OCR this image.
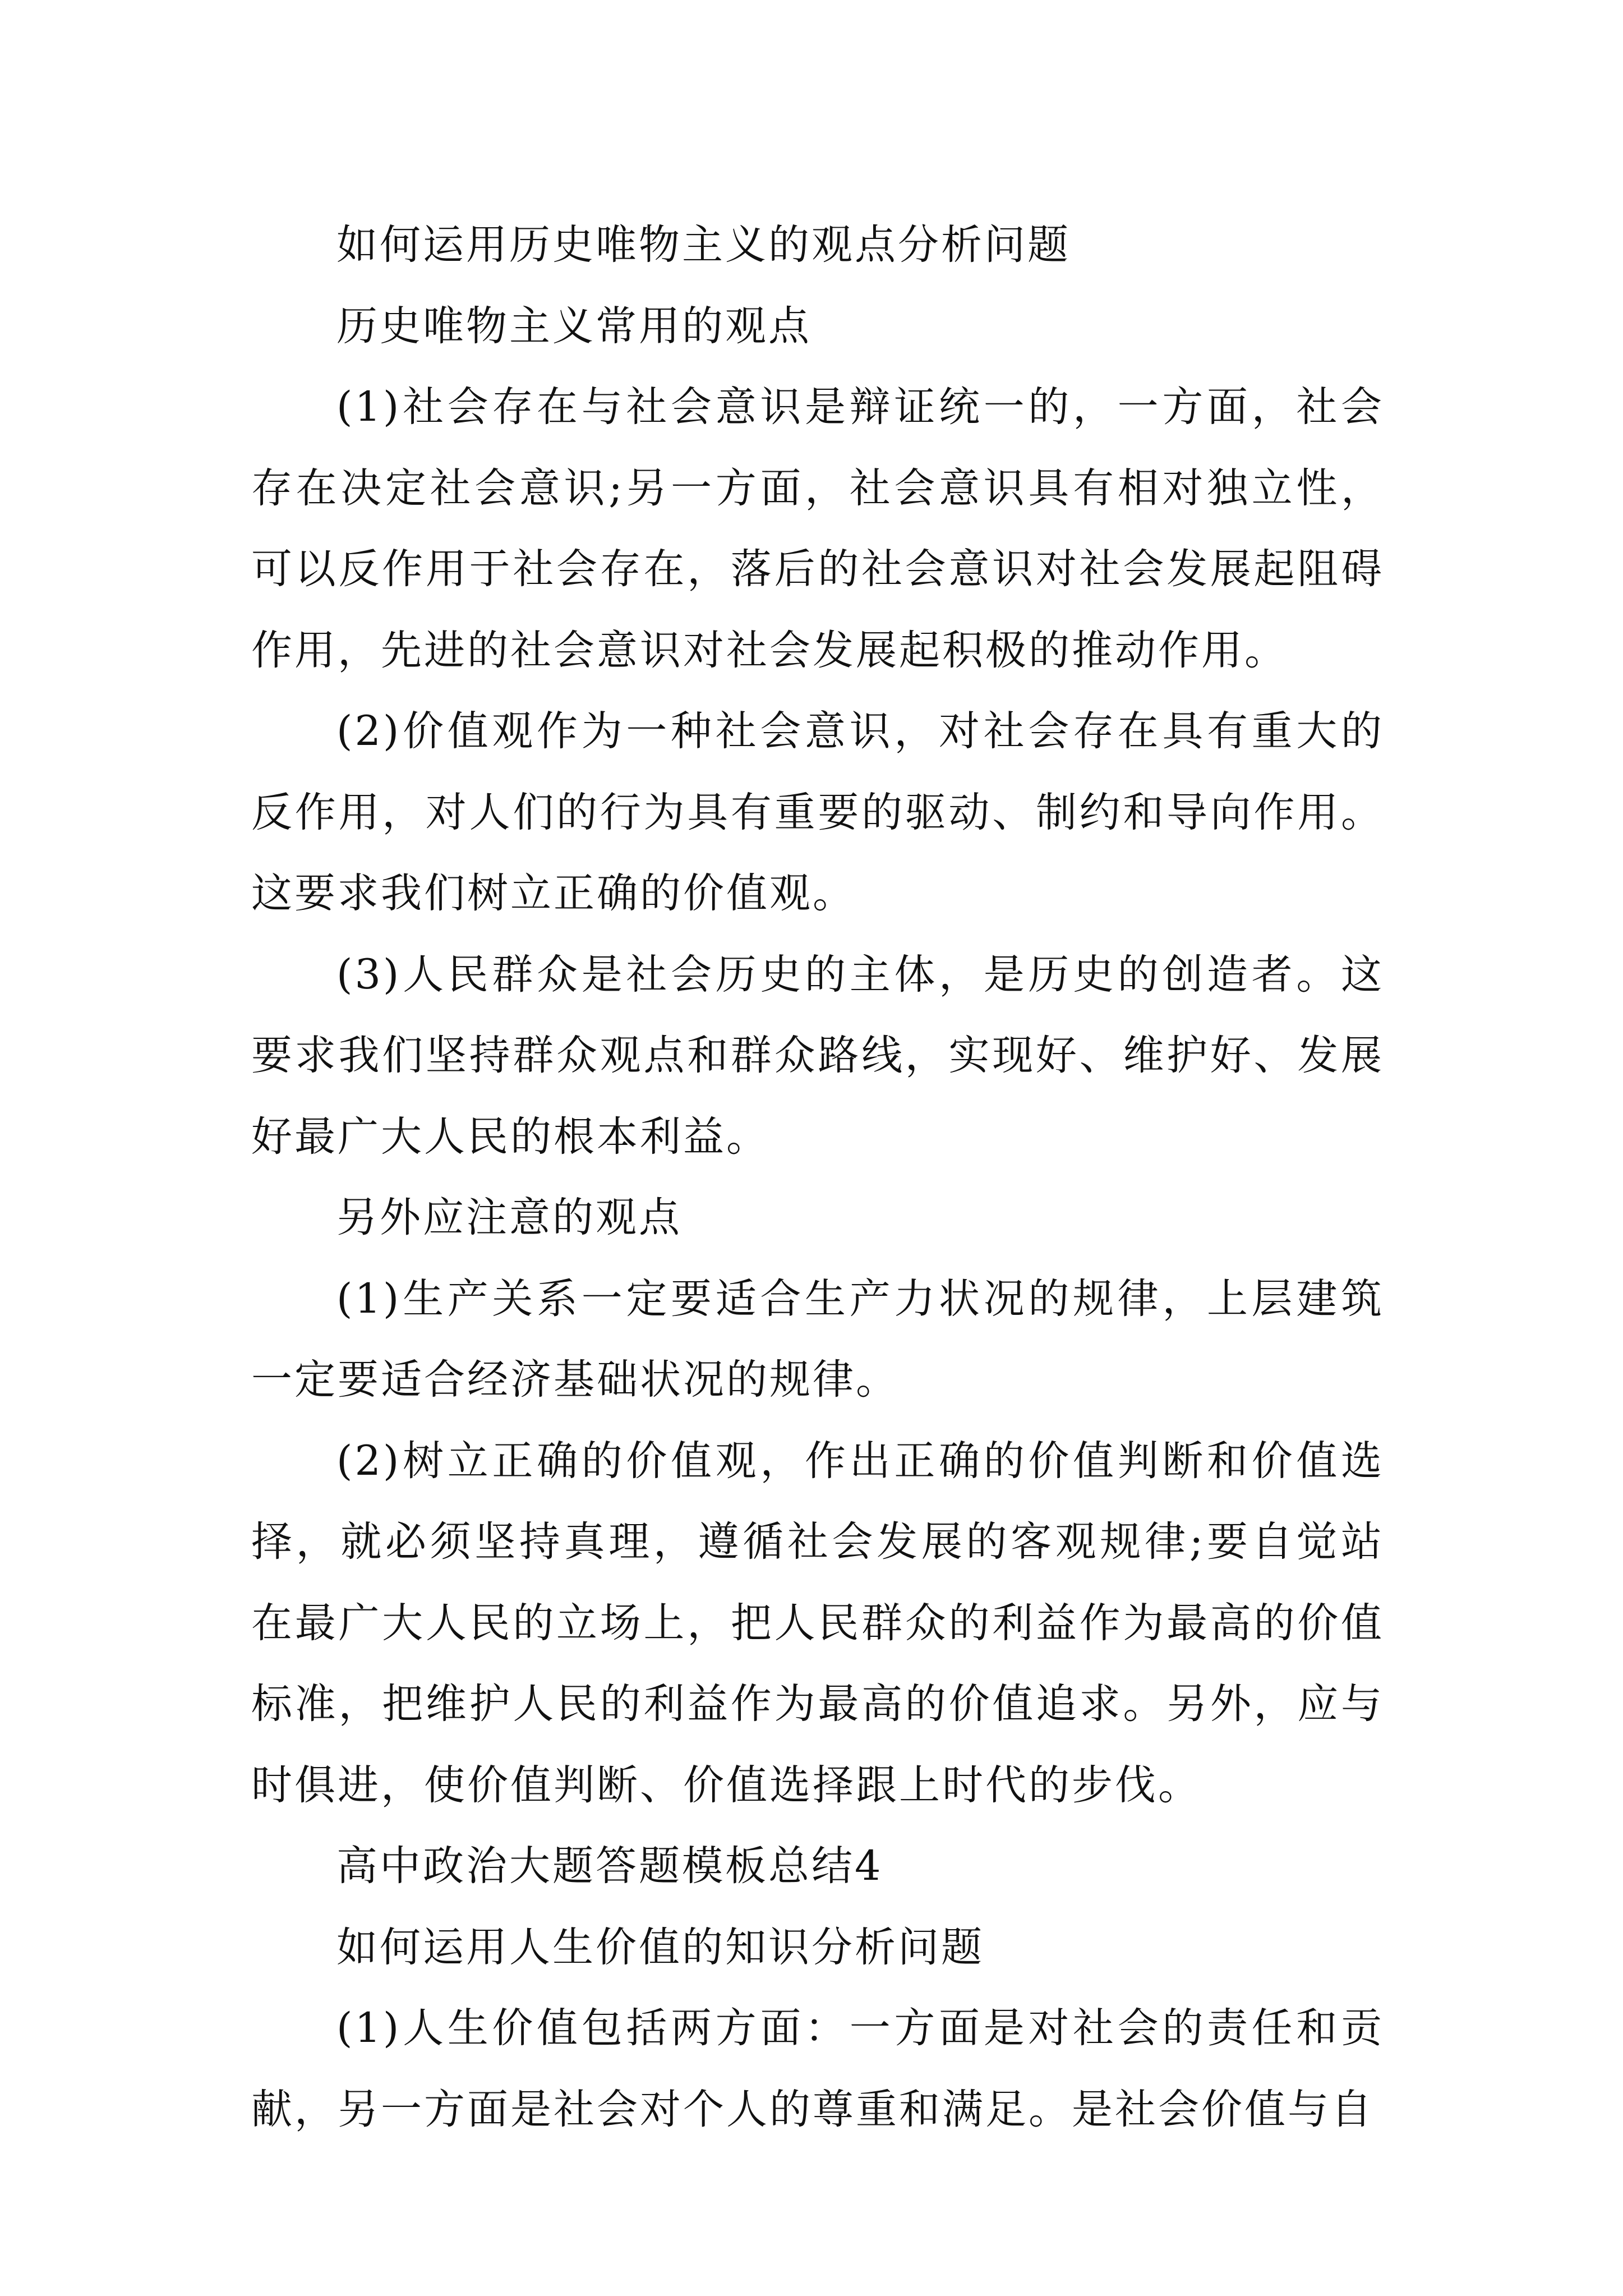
如何运用历史唯物主义的观点分析问题

历史唯物主义常用的观点

(1)社会存在与社会意识是辩证统一的，一方面，社会存在决定社会意识;另一方面，社会意识具有相对独立性，可以反作用于社会存在，落后的社会意识对社会发展起阻碍作用，先进的社会意识对社会发展起积极的推动作用。

(2)价值观作为一种社会意识，对社会存在具有重大的反作用，对人们的行为具有重要的驱动、制约和导向作用。这要求我们树立正确的价值观。

(3)人民群众是社会历史的主体，是历史的创造者。这要求我们坚持群众观点和群众路线，实现好、维护好、发展好最广大人民的根本利益。

另外应注意的观点

(1)生产关系一定要适合生产力状况的规律，上层建筑一定要适合经济基础状况的规律。

(2)树立正确的价值观，作出正确的价值判断和价值选择，就必须坚持真理，遵循社会发展的客观规律;要自觉站在最广大人民的立场上，把人民群众的利益作为最高的价值标准，把维护人民的利益作为最高的价值追求。另外，应与时俱进，使价值判断、价值选择跟上时代的步伐。

高中政治大题答题模板总结4

如何运用人生价值的知识分析问题

(1)人生价值包括两方面：一方面是对社会的责任和贡献，另一方面是社会对个人的尊重和满足。是社会价值与自
